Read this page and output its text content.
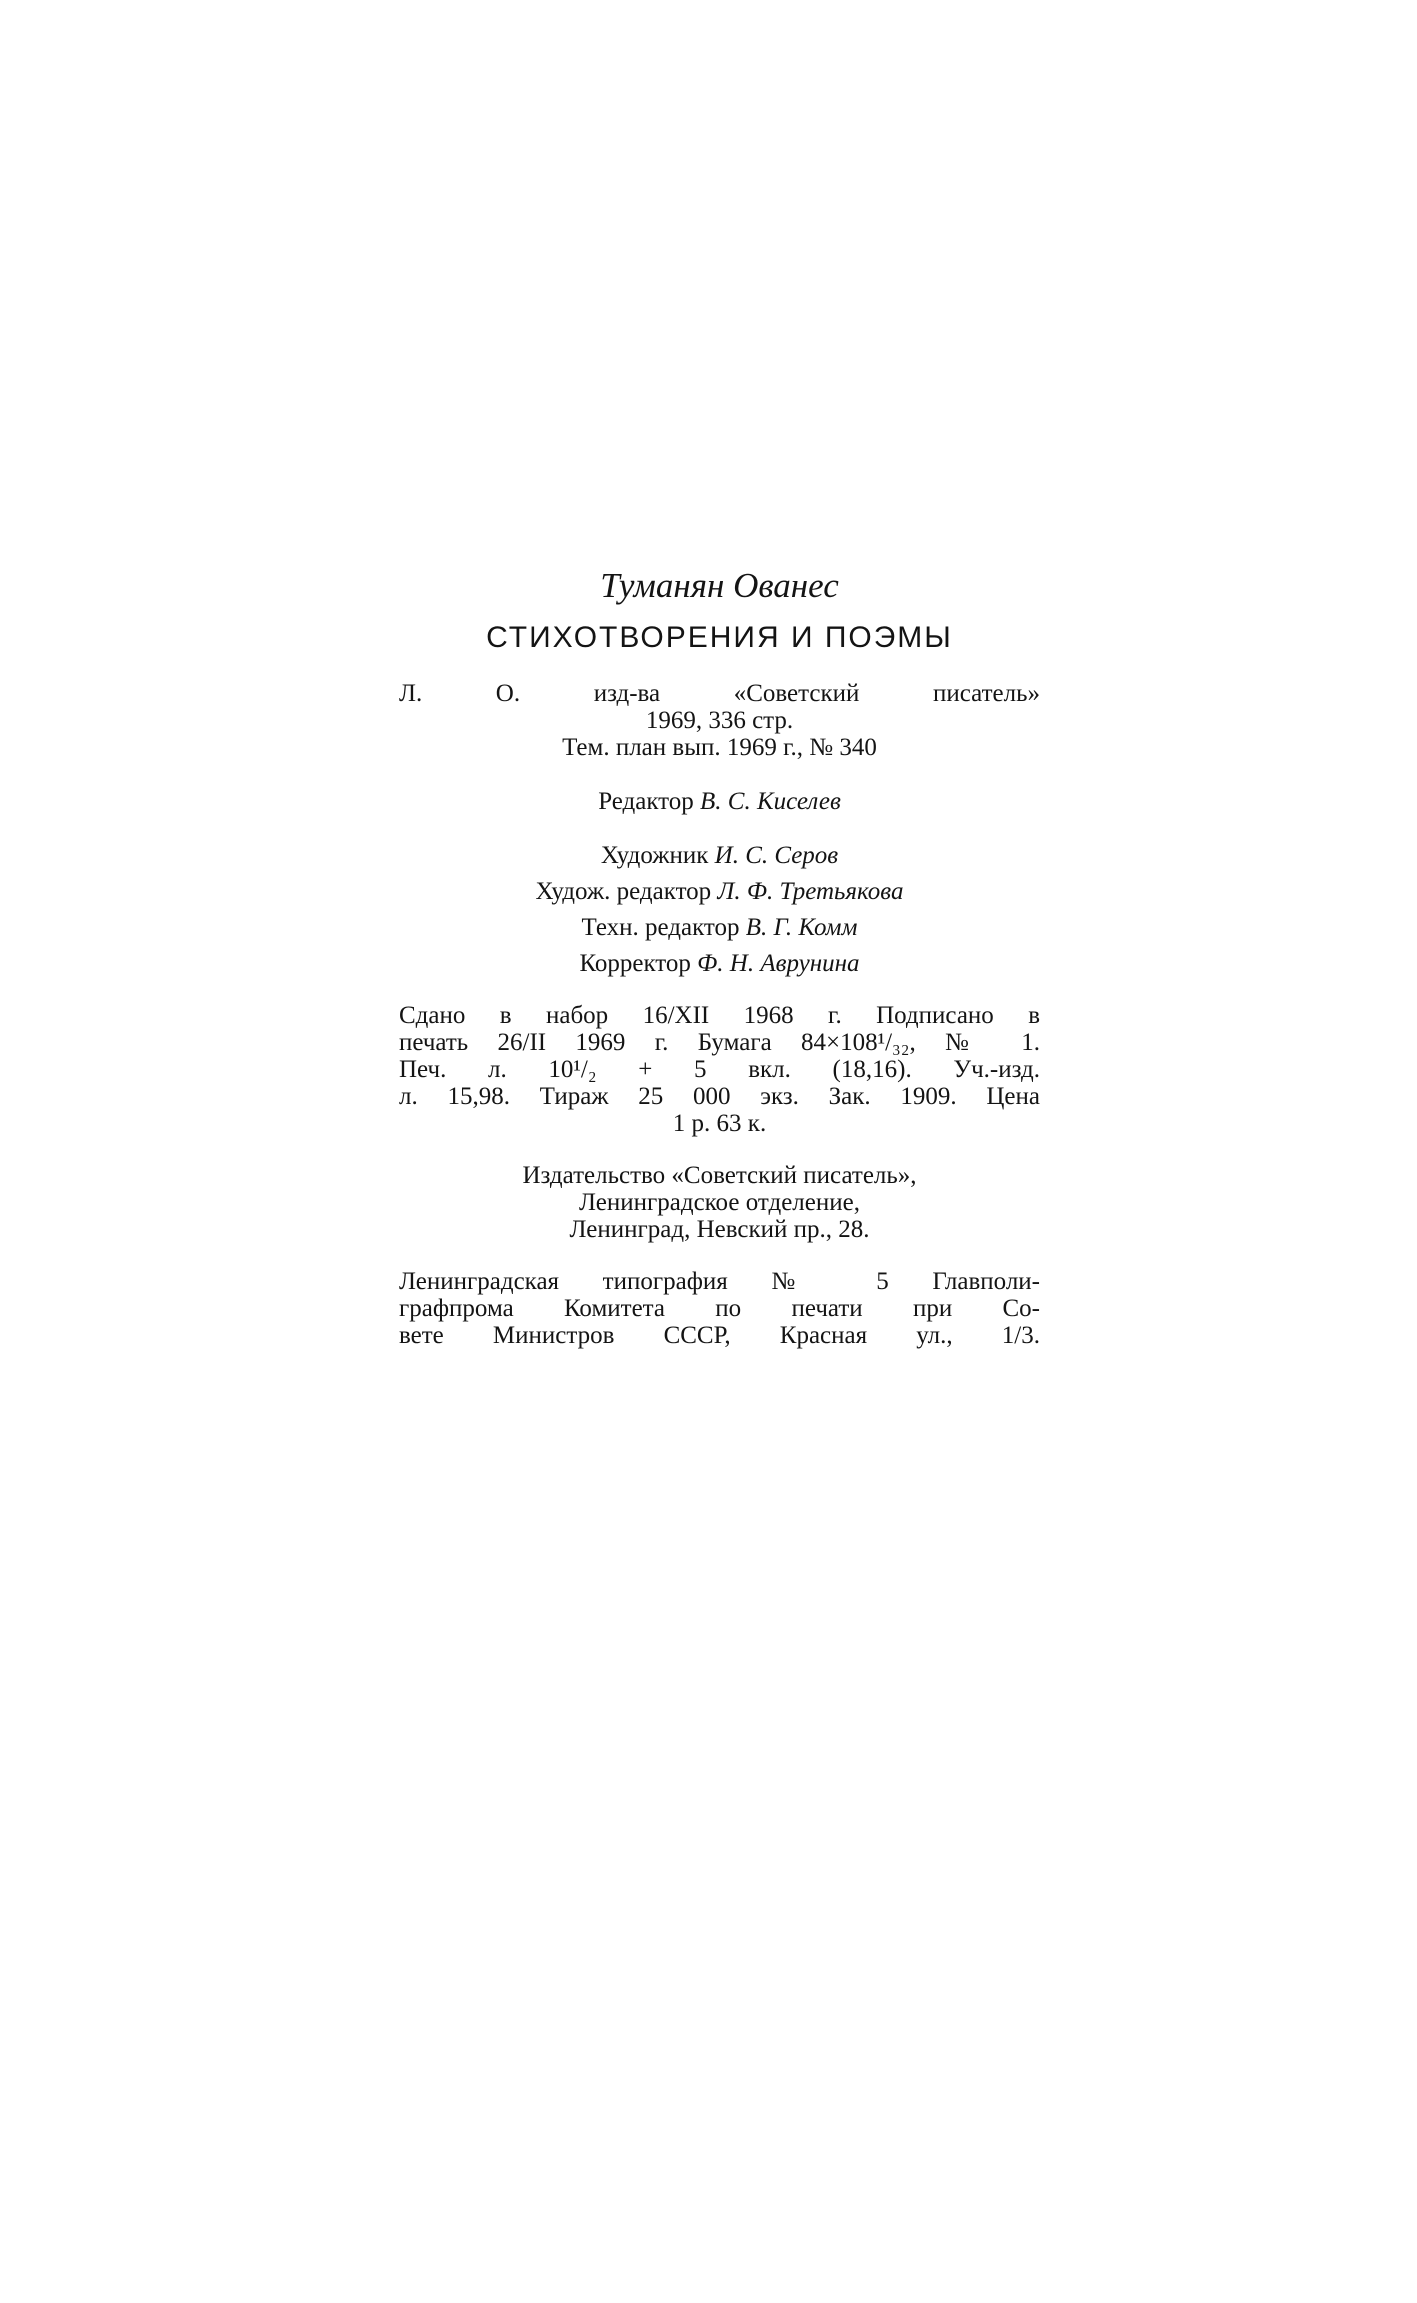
Туманян Ованес
СТИХОТВОРЕНИЯ И ПОЭМЫ
Л. О. изд-ва «Советский писатель»
1969, 336 стр.
Тем. план вып. 1969 г., № 340
Редактор В. С. Киселев
Художник И. С. Серов
Худож. редактор Л. Ф. Третьякова
Техн. редактор В. Г. Комм
Корректор Ф. Н. Аврунина
Сдано в набор 16/XII 1968 г. Подписано в
печать 26/II 1969 г. Бумага 84×108¹/₃₂, № 1.
Печ. л. 10¹/₂ + 5 вкл. (18,16). Уч.-изд.
л. 15,98. Тираж 25 000 экз. Зак. 1909. Цена
1 р. 63 к.
Издательство «Советский писатель»,
Ленинградское отделение,
Ленинград, Невский пр., 28.
Ленинградская типография № 5 Главполи-
графпрома Комитета по печати при Со-
вете Министров СССР, Красная ул., 1/3.
